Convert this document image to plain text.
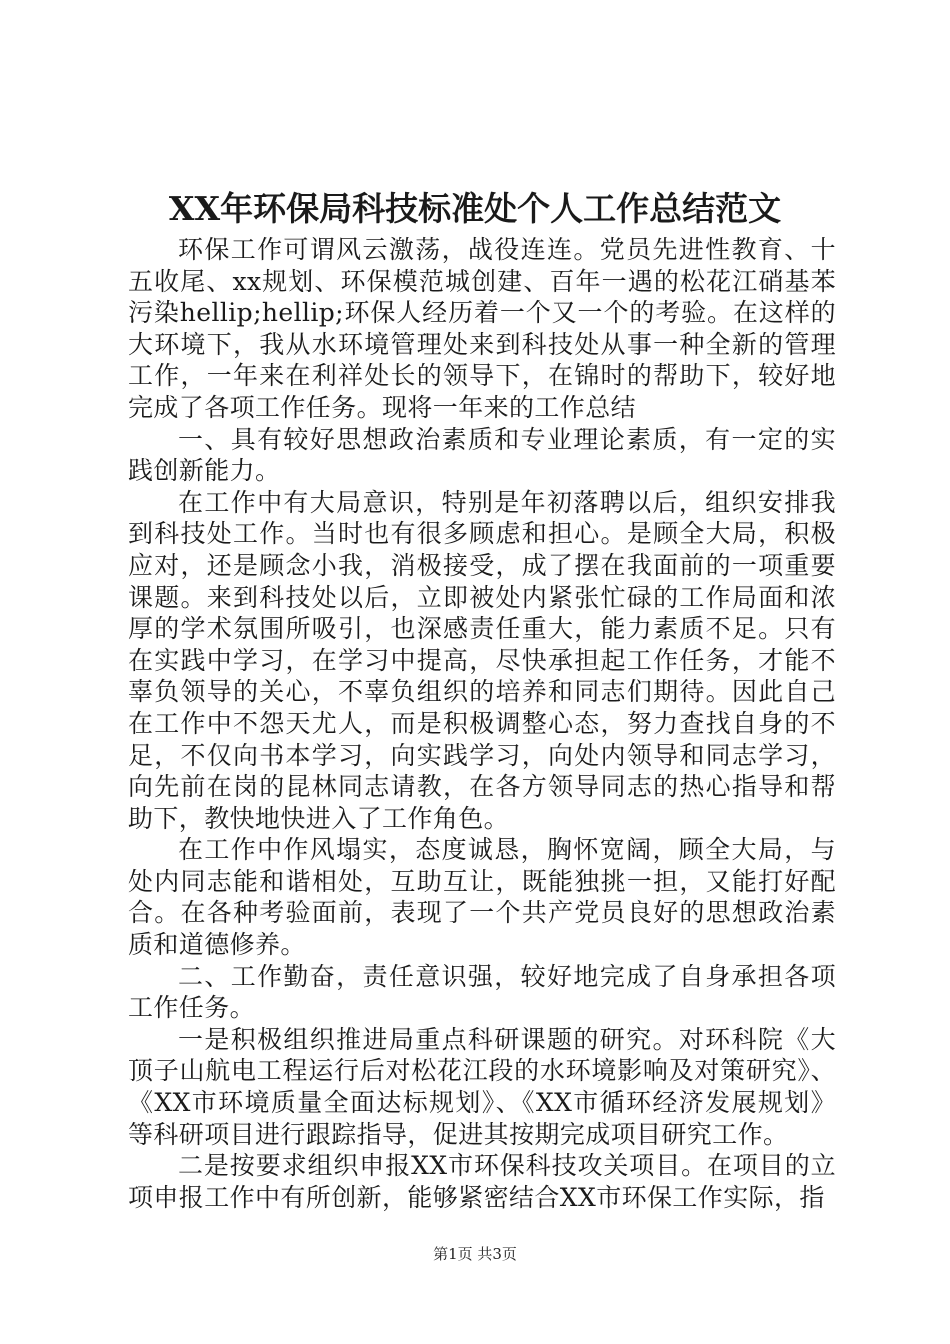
XX年环保局科技标准处个人工作总结范文

环保工作可谓风云激荡，战役连连。党员先进性教育、十五收尾、xx规划、环保模范城创建、百年一遇的松花江硝基苯污染hellip;hellip;环保人经历着一个又一个的考验。在这样的大环境下，我从水环境管理处来到科技处从事一种全新的管理工作，一年来在利祥处长的领导下，在锦时的帮助下，较好地完成了各项工作任务。现将一年来的工作总结

一、具有较好思想政治素质和专业理论素质，有一定的实践创新能力。

在工作中有大局意识，特别是年初落聘以后，组织安排我到科技处工作。当时也有很多顾虑和担心。是顾全大局，积极应对，还是顾念小我，消极接受，成了摆在我面前的一项重要课题。来到科技处以后，立即被处内紧张忙碌的工作局面和浓厚的学术氛围所吸引，也深感责任重大，能力素质不足。只有在实践中学习，在学习中提高，尽快承担起工作任务，才能不辜负领导的关心，不辜负组织的培养和同志们期待。因此自己在工作中不怨天尤人，而是积极调整心态，努力查找自身的不足，不仅向书本学习，向实践学习，向处内领导和同志学习，向先前在岗的昆林同志请教，在各方领导同志的热心指导和帮助下，教快地快进入了工作角色。

在工作中作风塌实，态度诚恳，胸怀宽阔，顾全大局，与处内同志能和谐相处，互助互让，既能独挑一担，又能打好配合。在各种考验面前，表现了一个共产党员良好的思想政治素质和道德修养。

二、工作勤奋，责任意识强，较好地完成了自身承担各项工作任务。

一是积极组织推进局重点科研课题的研究。对环科院《大顶子山航电工程运行后对松花江段的水环境影响及对策研究》、《XX市环境质量全面达标规划》、《XX市循环经济发展规划》等科研项目进行跟踪指导，促进其按期完成项目研究工作。

二是按要求组织申报XX市环保科技攻关项目。在项目的立项申报工作中有所创新，能够紧密结合XX市环保工作实际，指

第1页 共3页
